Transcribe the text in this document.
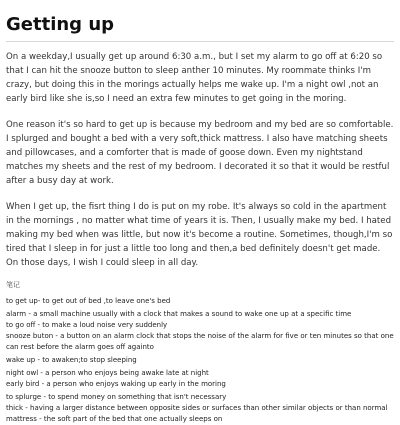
Getting up

On a weekday,I usually get up around 6:30 a.m., but I set my alarm to go off at 6:20 so that I can hit the snooze button to sleep anther 10 minutes. My roommate thinks I'm crazy, but doing this in the morings actually helps me wake up. I'm a night owl ,not an early bird like she is,so I need an extra few minutes to get going in the moring.

One reason it's so hard to get up is because my bedroom and my bed are so comfortable. I splurged and bought a bed with a very soft,thick mattress. I also have matching sheets and pillowcases, and a comforter that is made of goose down. Even my nightstand matches my sheets and the rest of my bedroom. I decorated it so that it would be restful after a busy day at work.

When I get up, the fisrt thing I do is put on my robe. It's always so cold in the apartment in the mornings , no matter what time of years it is. Then, I usually make my bed. I hated making my bed when was little, but now it's become a routine. Sometimes, though,I'm so tired that I sleep in for just a little too long and then,a bed definitely doesn't get made. On those days, I wish I could sleep in all day.

笔记
to get up- to get out of bed ,to leave one's bed
alarm - a small machine usually with a clock that makes a sound to wake one up at a specific time
to go off - to make a loud noise very suddenly
snooze buton - a button on an alarm clock that stops the noise of the alarm for five or ten minutes so that one can rest before the alarm goes off againto
wake up - to awaken;to stop sleeping
night owl - a person who enjoys being awake late at night
early bird - a person who enjoys waking up early in the moring
to splurge - to spend money on something that isn't necessary
thick - having a larger distance between opposite sides or surfaces than other similar objects or than normal
mattress - the soft part of the bed that one actually sleeps on
